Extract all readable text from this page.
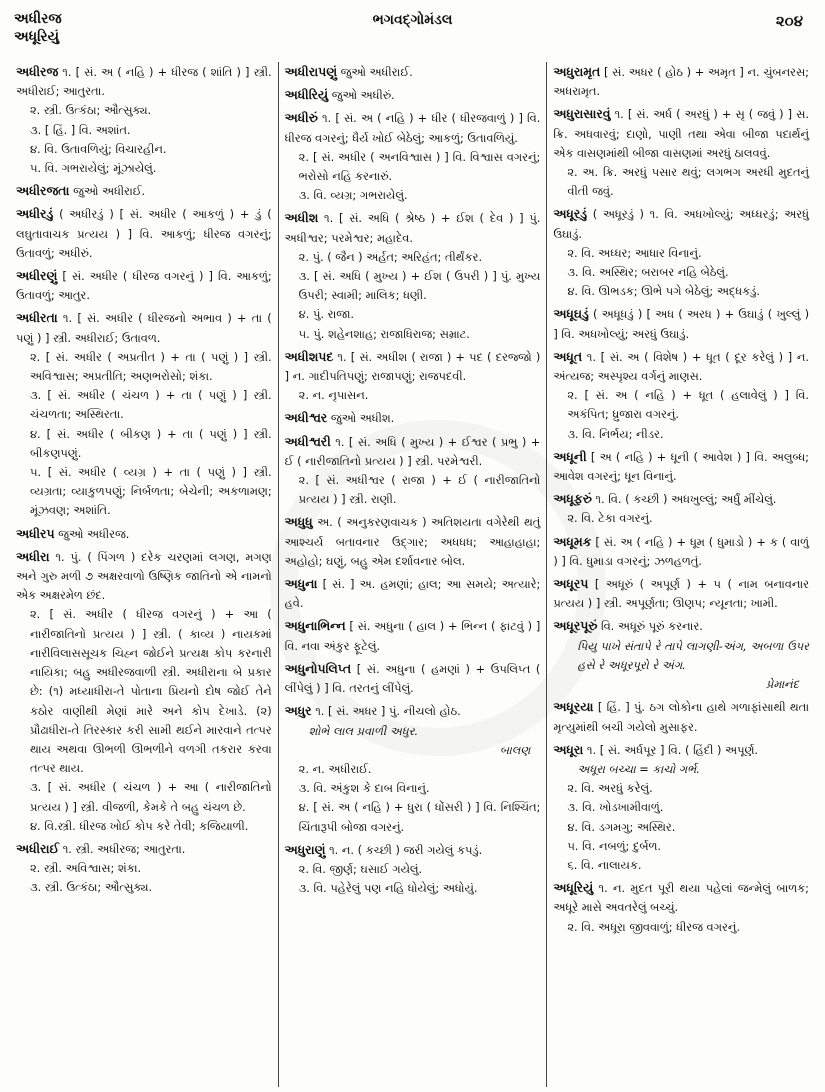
અધીરજ
અધૂરિયું
ભગવદ્ગોમંડલ	૨૦૪
અધીરજ ૧. [ સં. અ ( નહિ ) + ધીરજ ( શાંતિ ) ] સ્ત્રી. અધીરાઈ; આતુરતા.
૨. સ્ત્રી. ઉત્કંઠા; ઔત્સુક્ય.
૩. [ હિં. ] વિ. અશાંત.
૪. વિ. ઉતાવળિયું; વિચારહીન.
૫. વિ. ગભરાયેલું; મૂંઝાયેલું.
અધીરજતા જુઓ અધીરાઈ.
અધીરડું ( અધીરડું ) [ સં. અધીર ( આકળું ) + ડું ( લઘુતાવાચક પ્રત્યય ) ] વિ. આકળું; ધીરજ વગરનું; ઉતાવળું; અધીરું.
અધીરણું [ સં. અધીર ( ધીરજ વગરનું ) ] વિ. આકળું; ઉતાવળું; આતુર.
અધીરતા ૧. [ સં. અધીર ( ધીરજનો અભાવ ) + તા ( પણું ) ] સ્ત્રી. અધીરાઈ; ઉતાવળ.
૨. [ સં. અધીર ( અપ્રતીત ) + તા ( પણું ) ] સ્ત્રી. અવિશ્વાસ; અપ્રતીતિ; અણભરોસો; શંકા.
૩. [ સં. અધીર ( ચંચળ ) + તા ( પણું ) ] સ્ત્રી. ચંચળતા; અસ્થિરતા.
૪. [ સં. અધીર ( બીકણ ) + તા ( પણું ) ] સ્ત્રી. બીકણપણું.
૫. [ સં. અધીર ( વ્યગ્ર ) + તા ( પણું ) ] સ્ત્રી. વ્યગ્રતા; વ્યાકુળપણું; નિર્બળતા; બેચેની; અકળામણ; મૂંઝવણ; અશાંતિ.
અધીરપ જુઓ અધીરજ.
અધીરા ૧. પું. ( પિંગળ ) દરેક ચરણમાં લગણ, મગણ અને ગુરુ મળી ૭ અક્ષરવાળો ઉષ્ણિક જાતિનો એ નામનો એક અક્ષરમેળ છંદ.
૨. [ સં. અધીર ( ધીરજ વગરનું ) + આ ( નારીજાતિનો પ્રત્યય ) ] સ્ત્રી. ( કાવ્ય ) નાયકમાં નારીવિલાસસૂચક ચિહ્ન જોઈને પ્રત્યક્ષ કોપ કરનારી નાયિકા; બહુ અધીરજવાળી સ્ત્રી. અધીરાના બે પ્રકાર છે: (૧) મધ્યાધીરા-તે પોતાના પ્રિયનો દોષ જોઈ તેને કઠોર વાણીથી મેણાં મારે અને કોપ દેખાડે. (૨) પ્રૌઢાધીરા-તે તિરસ્કાર કરી સામી થઈને મારવાને તત્પર થાય અથવા ઊભળી ઊભળીને વળગી તકરાર કરવા તત્પર થાય.
૩. [ સં. અધીર ( ચંચળ ) + આ ( નારીજાતિનો પ્રત્યય ) ] સ્ત્રી. વીજળી, કેમકે તે બહુ ચંચળ છે.
૪. વિ.સ્ત્રી. ધીરજ ખોઈ કોપ કરે તેવી; કજિયાળી.
અધીરાઈ ૧. સ્ત્રી. અધીરજ; આતુરતા.
૨. સ્ત્રી. અવિશ્વાસ; શંકા.
૩. સ્ત્રી. ઉત્કંઠા; ઔત્સુક્ય.
અધીરાપણું જુઓ અધીરાઈ.
અધીરિયું જુઓ અધીરું.
અધીરું ૧. [ સં. અ ( નહિ ) + ધીર ( ધીરજવાળું ) ] વિ. ધીરજ વગરનું; ધૈર્ય ખોઈ બેઠેલું; આકળું; ઉતાવળિયું.
૨. [ સં. અધીર ( અનવિશ્વાસ ) ] વિ. વિશ્વાસ વગરનું; ભરોસો નહિ કરનારું.
૩. વિ. વ્યગ્ર; ગભરાયેલું.
અધીશ ૧. [ સં. અધિ ( શ્રેષ્ઠ ) + ઈશ ( દેવ ) ] પું. અધીશ્વર; પરમેશ્વર; મહાદેવ.
૨. પું. ( જૈન ) અર્હત; અરિહંત; તીર્થંકર.
૩. [ સં. અધિ ( મુખ્ય ) + ઈશ ( ઉપરી ) ] પું. મુખ્ય ઉપરી; સ્વામી; માલિક; ધણી.
૪. પું. રાજા.
૫. પું. શહેનશાહ; રાજાધિરાજ; સમ્રાટ.
અધીશપદ ૧. [ સં. અધીશ ( રાજા ) + પદ ( દરજ્જો ) ] ન. ગાદીપતિપણું; રાજાપણું; રાજપદવી.
૨. ન. નૃપાસન.
અધીશ્વર જુઓ અધીશ.
અધીશ્વરી ૧. [ સં. અધિ ( મુખ્ય ) + ઈશ્વર ( પ્રભુ ) + ઈ ( નારીજાતિનો પ્રત્યય ) ] સ્ત્રી. પરમેશ્વરી.
૨. [ સં. અધીશ્વર ( રાજા ) + ઈ ( નારીજાતિનો પ્રત્યય ) ] સ્ત્રી. રાણી.
અધુધુ અ. ( અનુકરણવાચક ) અતિશયતા વગેરેથી થતું આશ્ચર્ય બતાવનાર ઉદ્ગાર; અધધધ; આહાહાહા; અહોહો; ઘણું, બહુ એમ દર્શાવનાર બોલ.
અધુના [ સં. ] અ. હમણાં; હાલ; આ સમયે; અત્યારે; હવે.
અધુનાભિન્ન [ સં. અધુના ( હાલ ) + ભિન્ન ( ફાટવું ) ] વિ. નવા અંકુર ફૂટેલું.
અધુનોપલિપ્ત [ સં. અધુના ( હમણાં ) + ઉપલિપ્ત ( લીંપેલું ) ] વિ. તરતનું લીંપેલું.
અધુર ૧. [ સં. અધર ] પું. નીચલો હોઠ.
શોભે લાલ પ્રવાળી અધુર.
બાલણ
૨. ન. અધીરાઈ.
૩. વિ. અંકુશ કે દાબ વિનાનું.
૪. [ સં. અ ( નહિ ) + ધુરા ( ધોંસરી ) ] વિ. નિશ્ચિંત; ચિંતારૂપી બોજા વગરનું.
અધુરાણું ૧. ન. ( કચ્છી ) જરી ગયેલું કપડું.
૨. વિ. જીર્ણ; ઘસાઈ ગયેલું.
૩. વિ. પહેરેલું પણ નહિ ધોયેલું; અધોયું.
અધુરામૃત [ સં. અધર ( હોઠ ) + અમૃત ] ન. ચુંબનરસ; અધરામૃત.
અધુરાસારવું ૧. [ સં. અર્ધ ( અરધું ) + સૃ ( જવું ) ] સ. ક્રિ. અધવારવું; દાણો, પાણી તથા એવા બીજા પદાર્થનું એક વાસણમાંથી બીજા વાસણમાં અરધું ઠાલવવું.
૨. અ. ક્રિ. અરધું પસાર થવું; લગભગ અરધી મુદતનું વીતી જવું.
અધૂરડું ( અધૂરડું ) ૧. વિ. અધખોલ્યું; અધ્ધરડું; અરધું ઉઘાડું.
૨. વિ. અધ્ધર; આધાર વિનાનું.
૩. વિ. અસ્થિર; બરાબર નહિ બેઠેલું.
૪. વિ. ઊભડક; ઊભે પગે બેઠેલું; અદ્ધકડું.
અધૂઘડું ( અધૂધડું ) [ અધ ( અરધ ) + ઉઘાડું ( ખુલ્લું ) ] વિ. અધખોલ્યું; અરધું ઉઘાડું.
અધૂત ૧. [ સં. અ ( વિશેષ ) + ધૂત ( દૂર કરેલું ) ] ન. અંત્યજ; અસ્પૃશ્ય વર્ગનું માણસ.
૨. [ સં. અ ( નહિ ) + ધૂત ( હલાવેલું ) ] વિ. અકંપિત; ધ્રુજારા વગરનું.
૩. વિ. નિર્ભય; નીડર.
અધૂની [ અ ( નહિ ) + ધૂની ( આવેશ ) ] વિ. અલુબ્ધ; આવેશ વગરનું; ધૂન વિનાનું.
અધૂફરું ૧. વિ. ( કચ્છી ) અધખુલ્લું; અર્ધું મીંચેલું.
૨. વિ. ટેકા વગરનું.
અધૂમક [ સં. અ ( નહિ ) + ધૂમ ( ધુમાડો ) + ક ( વાળું ) ] વિ. ધુમાડા વગરનું; ઝળહળતું.
અધૂરપ [ અધૂરું ( અપૂર્ણ ) + પ ( નામ બનાવનાર પ્રત્યય ) ] સ્ત્રી. અપૂર્ણતા; ઊણપ; ન્યૂનતા; ખામી.
અધૂરપૂરું વિ. અધૂરું પૂરું કરનાર.
પિયુ પાખે સંતાપે રે તાપે લાગણી-અંગ, અબળા ઉપર હસે રે અધૂરપૂરો રે અંગ.
પ્રેમાનંદ
અધૂરયા [ હિં. ] પું. ઠગ લોકોના હાથે ગળાફાંસાથી થતા મૃત્યુમાંથી બચી ગયેલો મુસાફર.
અધૂરા ૧. [ સં. અર્ધપૂર ] વિ. ( હિંદી ) અપૂર્ણ.
અધૂરા બચ્ચા = કાચો ગર્ભ.
૨. વિ. અરધું કરેલું.
૩. વિ. ખોડખામીવાળું.
૪. વિ. ડગમગુ; અસ્થિર.
૫. વિ. નબળું; દુર્બળ.
૬. વિ. નાલાયક.
અધૂરિયું ૧. ન. મુદત પૂરી થયા પહેલાં જન્મેલું બાળક; અધૂરે માસે અવતરેલું બચ્ચું.
૨. વિ. અધૂરા જીવવાળું; ધીરજ વગરનું.
